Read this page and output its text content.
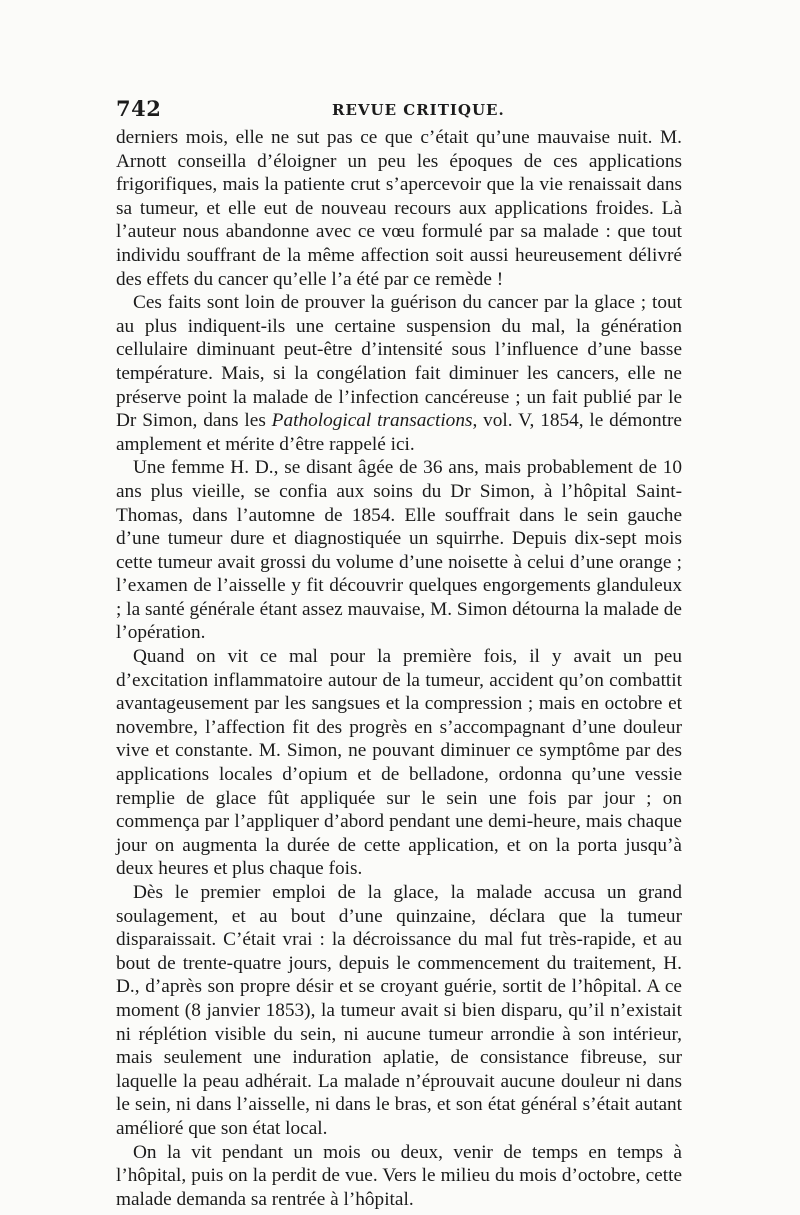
742	REVUE CRITIQUE.

derniers mois, elle ne sut pas ce que c’était qu’une mauvaise nuit. M. Arnott conseilla d’éloigner un peu les époques de ces applications frigorifiques, mais la patiente crut s’apercevoir que la vie renaissait dans sa tumeur, et elle eut de nouveau recours aux applications froides. Là l’auteur nous abandonne avec ce vœu formulé par sa malade : que tout individu souffrant de la même affection soit aussi heureusement délivré des effets du cancer qu’elle l’a été par ce remède !

Ces faits sont loin de prouver la guérison du cancer par la glace ; tout au plus indiquent-ils une certaine suspension du mal, la génération cellulaire diminuant peut-être d’intensité sous l’influence d’une basse température. Mais, si la congélation fait diminuer les cancers, elle ne préserve point la malade de l’infection cancéreuse ; un fait publié par le Dr Simon, dans les Pathological transactions, vol. V, 1854, le démontre amplement et mérite d’être rappelé ici.

Une femme H. D., se disant âgée de 36 ans, mais probablement de 10 ans plus vieille, se confia aux soins du Dr Simon, à l’hôpital Saint-Thomas, dans l’automne de 1854. Elle souffrait dans le sein gauche d’une tumeur dure et diagnostiquée un squirrhe. Depuis dix-sept mois cette tumeur avait grossi du volume d’une noisette à celui d’une orange ; l’examen de l’aisselle y fit découvrir quelques engorgements glanduleux ; la santé générale étant assez mauvaise, M. Simon détourna la malade de l’opération.

Quand on vit ce mal pour la première fois, il y avait un peu d’excitation inflammatoire autour de la tumeur, accident qu’on combattit avantageusement par les sangsues et la compression ; mais en octobre et novembre, l’affection fit des progrès en s’accompagnant d’une douleur vive et constante. M. Simon, ne pouvant diminuer ce symptôme par des applications locales d’opium et de belladone, ordonna qu’une vessie remplie de glace fût appliquée sur le sein une fois par jour ; on commença par l’appliquer d’abord pendant une demi-heure, mais chaque jour on augmenta la durée de cette application, et on la porta jusqu’à deux heures et plus chaque fois.

Dès le premier emploi de la glace, la malade accusa un grand soulagement, et au bout d’une quinzaine, déclara que la tumeur disparaissait. C’était vrai : la décroissance du mal fut très-rapide, et au bout de trente-quatre jours, depuis le commencement du traitement, H. D., d’après son propre désir et se croyant guérie, sortit de l’hôpital. A ce moment (8 janvier 1853), la tumeur avait si bien disparu, qu’il n’existait ni réplétion visible du sein, ni aucune tumeur arrondie à son intérieur, mais seulement une induration aplatie, de consistance fibreuse, sur laquelle la peau adhérait. La malade n’éprouvait aucune douleur ni dans le sein, ni dans l’aisselle, ni dans le bras, et son état général s’était autant amélioré que son état local.

On la vit pendant un mois ou deux, venir de temps en temps à l’hôpital, puis on la perdit de vue. Vers le milieu du mois d’octobre, cette malade demanda sa rentrée à l’hôpital.
